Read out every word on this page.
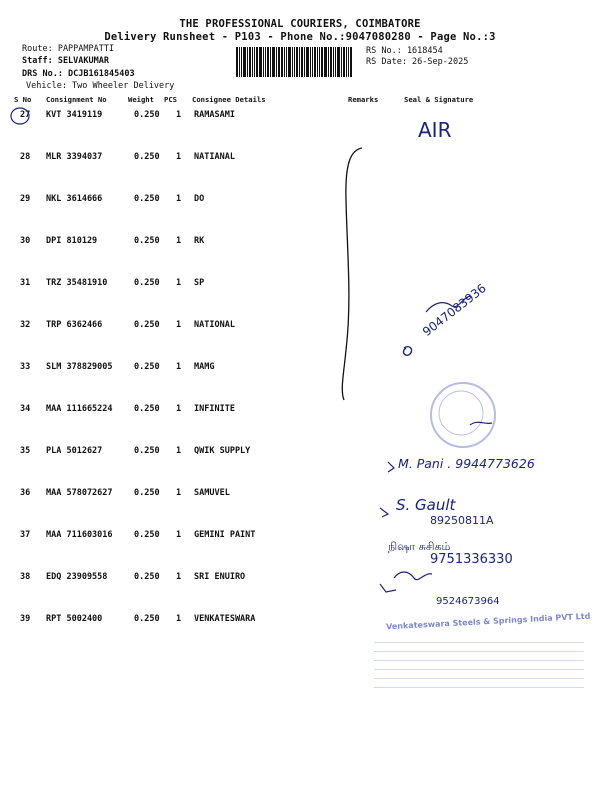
THE PROFESSIONAL COURIERS, COIMBATORE
Delivery Runsheet - P103 - Phone No.:9047080280 - Page No.:3
Route: PAPPAMPATTI
Staff: SELVAKUMAR
DRS No.: DCJB161845403
Vehicle: Two Wheeler Delivery
RS No.: 1618454
RS Date: 26-Sep-2025
S No Consignment No	Weight PCS Consignee Details	Remarks	Seal & Signature
27 KVT 3419119	0.250 1 RAMASAMI
28 MLR 3394037	0.250 1 NATIANAL
29 NKL 3614666	0.250 1 DO
30 DPI 810129	0.250 1 RK
31 TRZ 35481910	0.250 1 SP
32 TRP 6362466	0.250 1 NATIONAL
33 SLM 378829005	0.250 1 MAMG
34 MAA 111665224	0.250 1 INFINITE
35 PLA 5012627	0.250 1 QWIK SUPPLY
36 MAA 578072627	0.250 1 SAMUVEL
37 MAA 711603016	0.250 1 GEMINI PAINT
38 EDQ 23909558	0.250 1 SRI ENUIRO
39 RPT 5002400	0.250 1 VENKATESWARA
AIR
9047083936
M. Pani . 9944773626
S. Gault
89250811A
நிஷா சுசிகம்
9751336330
9524673964
Venkateswara Steels & Springs India PVT Ltd
